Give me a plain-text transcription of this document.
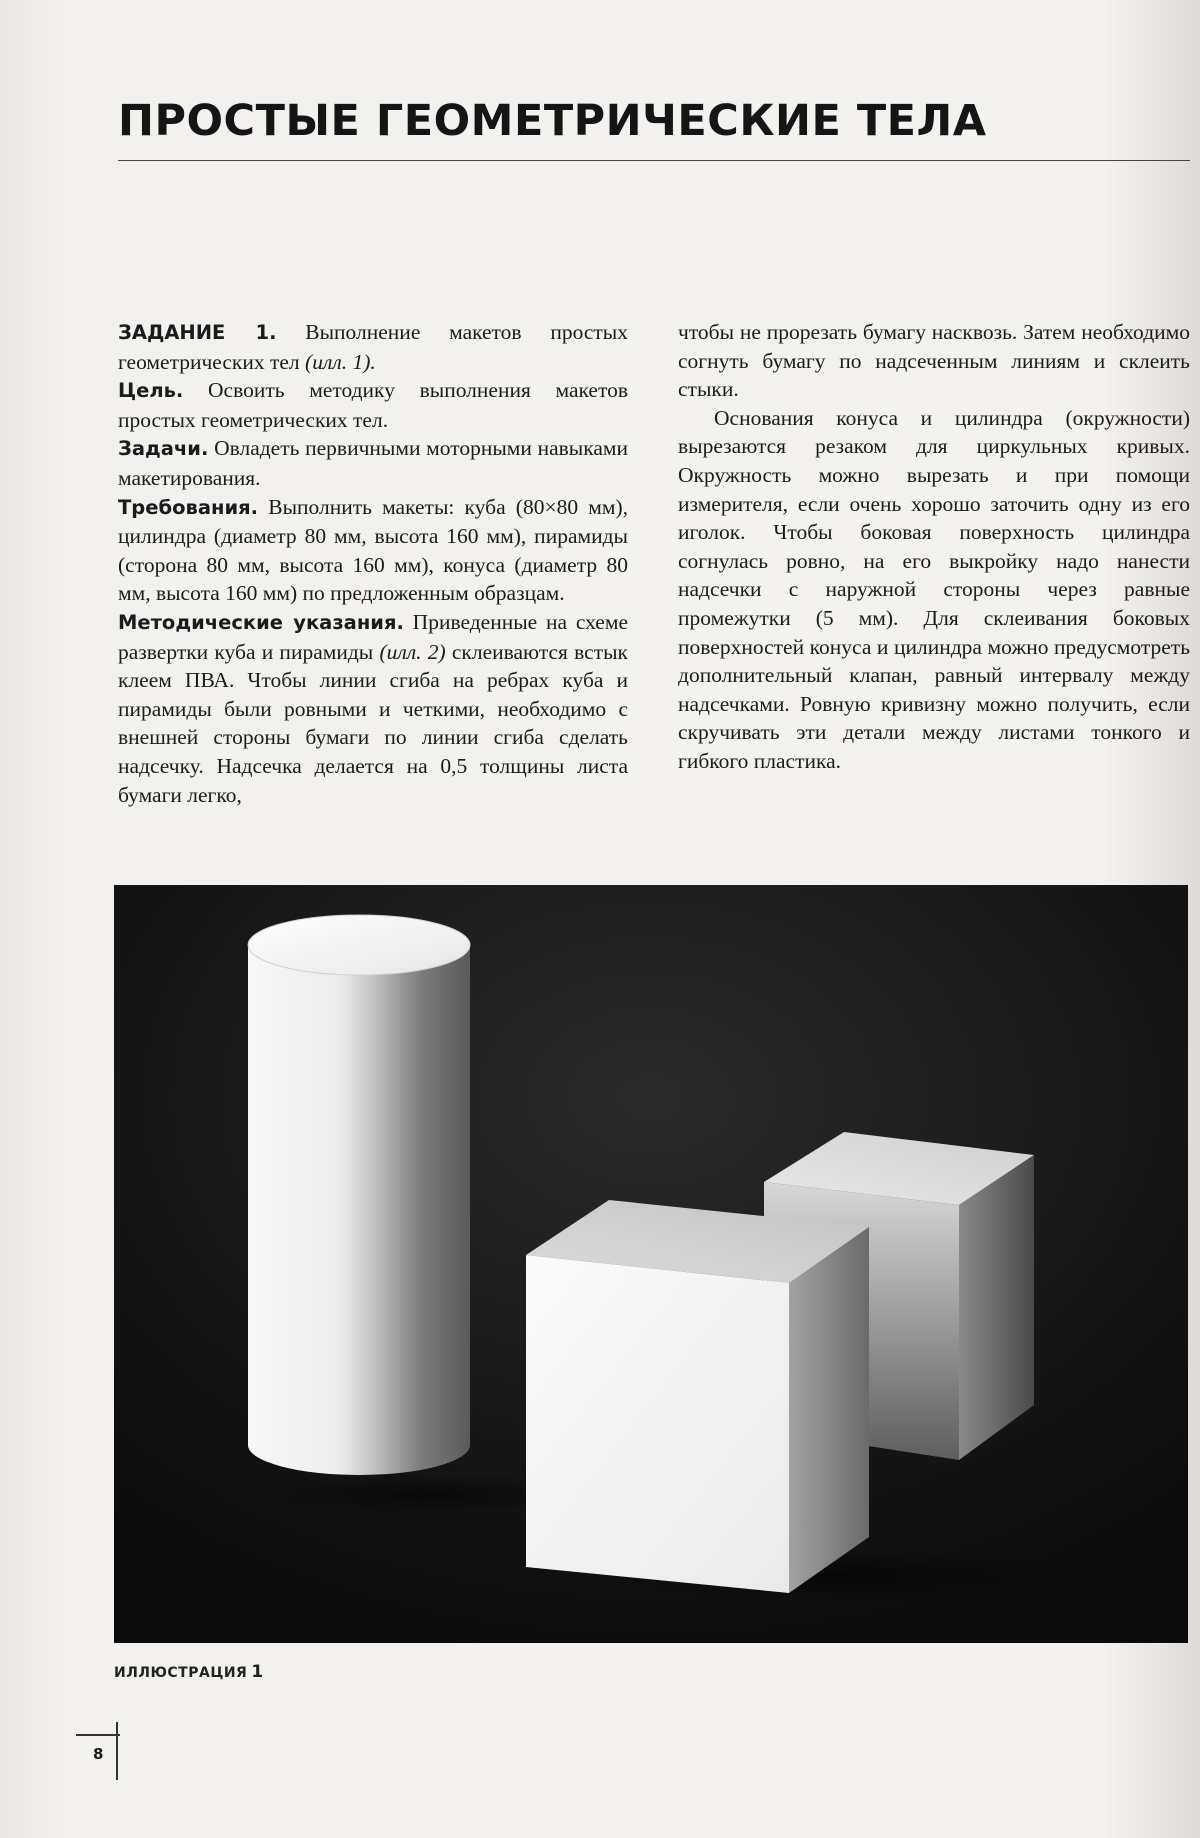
ПРОСТЫЕ ГЕОМЕТРИЧЕСКИЕ ТЕЛА

ЗАДАНИЕ 1. Выполнение макетов простых геометрических тел (илл. 1).

Цель. Освоить методику выполнения макетов простых геометрических тел.

Задачи. Овладеть первичными моторными навыками макетирования.

Требования. Выполнить макеты: куба (80×80 мм), цилиндра (диаметр 80 мм, высота 160 мм), пирамиды (сторона 80 мм, высота 160 мм), конуса (диаметр 80 мм, высота 160 мм) по предложенным образцам.

Методические указания. Приведенные на схеме развертки куба и пирамиды (илл. 2) склеиваются встык клеем ПВА. Чтобы линии сгиба на ребрах куба и пирамиды были ровными и четкими, необходимо с внешней стороны бумаги по линии сгиба сделать надсечку. Надсечка делается на 0,5 толщины листа бумаги легко,

чтобы не прорезать бумагу насквозь. Затем необходимо согнуть бумагу по надсеченным линиям и склеить стыки.

Основания конуса и цилиндра (окружности) вырезаются резаком для циркульных кривых. Окружность можно вырезать и при помощи измерителя, если очень хорошо заточить одну из его иголок. Чтобы боковая поверхность цилиндра согнулась ровно, на его выкройку надо нанести надсечки с наружной стороны через равные промежутки (5 мм). Для склеивания боковых поверхностей конуса и цилиндра можно предусмотреть дополнительный клапан, равный интервалу между надсечками. Ровную кривизну можно получить, если скручивать эти детали между листами тонкого и гибкого пластика.

ИЛЛЮСТРАЦИЯ 1
8
